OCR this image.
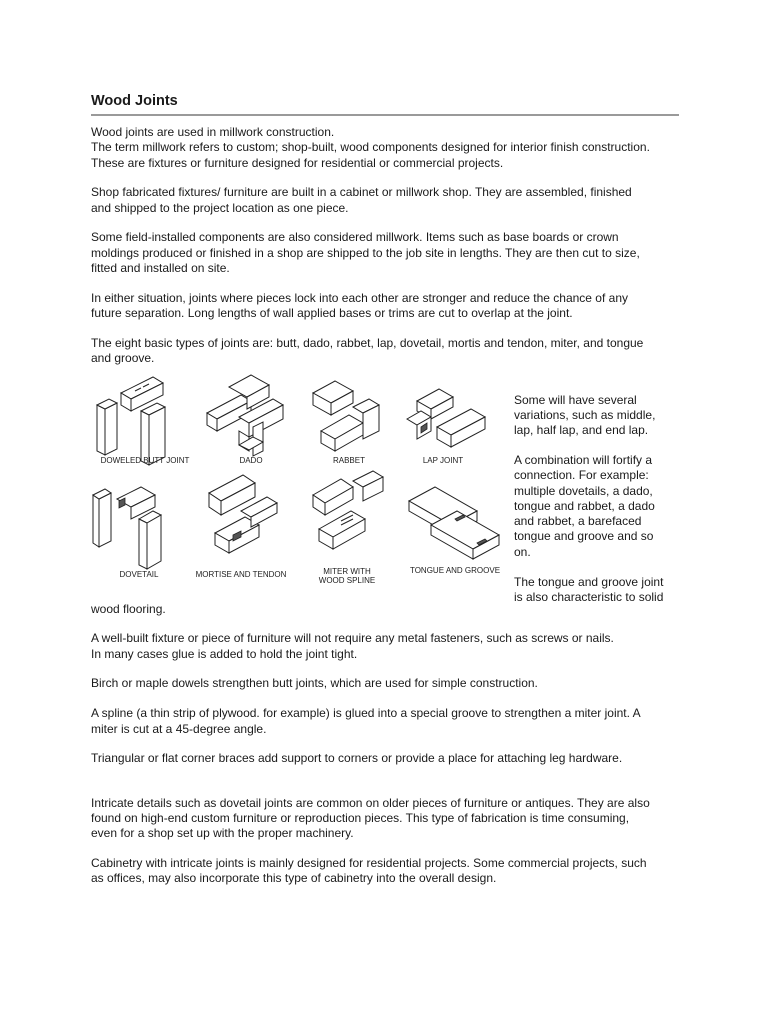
Wood Joints

Wood joints are used in millwork construction.
The term millwork refers to custom; shop-built, wood components designed for interior finish construction.
These are fixtures or furniture designed for residential or commercial projects.

Shop fabricated fixtures/ furniture are built in a cabinet or millwork shop. They are assembled, finished
and shipped to the project location as one piece.

Some field-installed components are also considered millwork. Items such as base boards or crown
moldings produced or finished in a shop are shipped to the job site in lengths. They are then cut to size,
fitted and installed on site.

In either situation, joints where pieces lock into each other are stronger and reduce the chance of any
future separation. Long lengths of wall applied bases or trims are cut to overlap at the joint.

The eight basic types of joints are: butt, dado, rabbet, lap, dovetail, mortis and tendon, miter, and tongue
and groove.

DOWELED BUTT JOINT	DADO	RABBET	LAP JOINT
DOVETAIL	MORTISE AND TENDON	MITER WITH
WOOD SPLINE
TONGUE AND GROOVE

Some will have several
variations, such as middle,
lap, half lap, and end lap.

A combination will fortify a
connection. For example:
multiple dovetails, a dado,
tongue and rabbet, a dado
and rabbet, a barefaced
tongue and groove and so
on.

The tongue and groove joint
is also characteristic to solid

wood flooring.

A well-built fixture or piece of furniture will not require any metal fasteners, such as screws or nails.
In many cases glue is added to hold the joint tight.

Birch or maple dowels strengthen butt joints, which are used for simple construction.

A spline (a thin strip of plywood. for example) is glued into a special groove to strengthen a miter joint. A
miter is cut at a 45-degree angle.

Triangular or flat corner braces add support to corners or provide a place for attaching leg hardware.

Intricate details such as dovetail joints are common on older pieces of furniture or antiques. They are also
found on high-end custom furniture or reproduction pieces. This type of fabrication is time consuming,
even for a shop set up with the proper machinery.

Cabinetry with intricate joints is mainly designed for residential projects. Some commercial projects, such
as offices, may also incorporate this type of cabinetry into the overall design.
